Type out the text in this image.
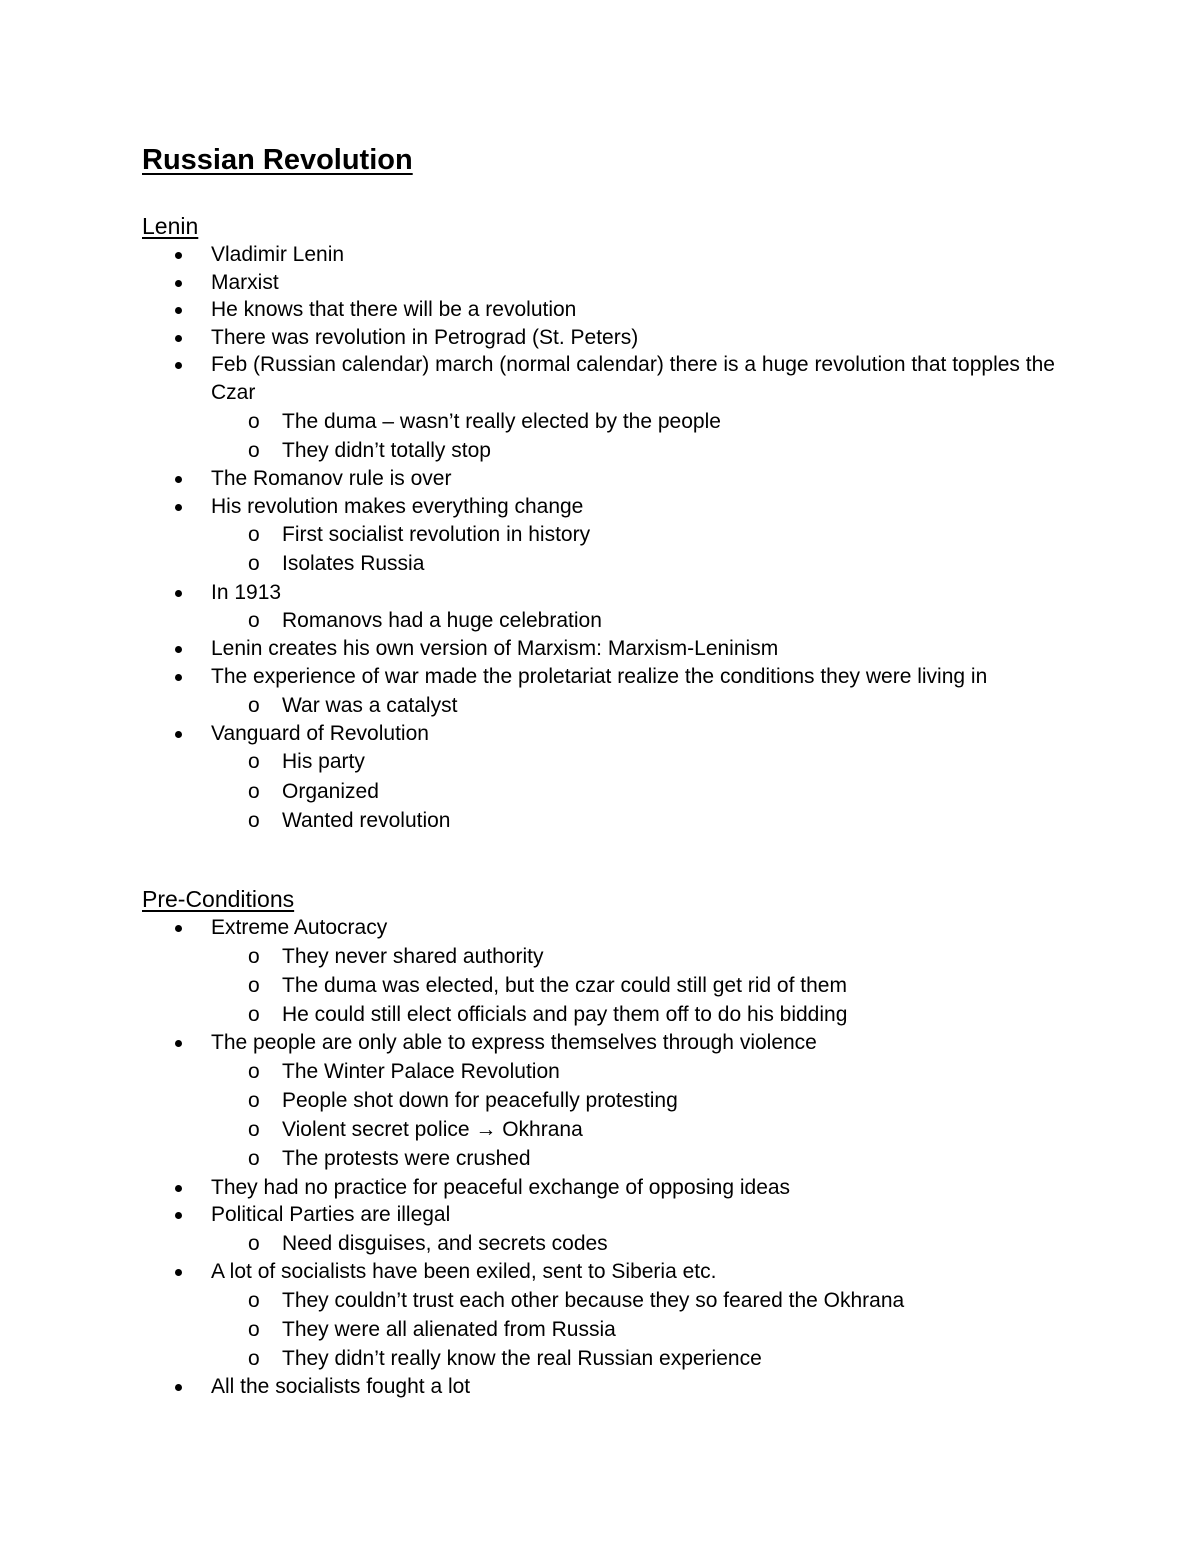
Russian Revolution
Lenin
Vladimir Lenin
Marxist
He knows that there will be a revolution
There was revolution in Petrograd (St. Peters)
Feb (Russian calendar) march (normal calendar) there is a huge revolution that topples the Czar
o The duma – wasn’t really elected by the people
o They didn’t totally stop
The Romanov rule is over
His revolution makes everything change
o First socialist revolution in history
o Isolates Russia
In 1913
o Romanovs had a huge celebration
Lenin creates his own version of Marxism: Marxism-Leninism
The experience of war made the proletariat realize the conditions they were living in
o War was a catalyst
Vanguard of Revolution
o His party
o Organized
o Wanted revolution
Pre-Conditions
Extreme Autocracy
o They never shared authority
o The duma was elected, but the czar could still get rid of them
o He could still elect officials and pay them off to do his bidding
The people are only able to express themselves through violence
o The Winter Palace Revolution
o People shot down for peacefully protesting
o Violent secret police → Okhrana
o The protests were crushed
They had no practice for peaceful exchange of opposing ideas
Political Parties are illegal
o Need disguises, and secrets codes
A lot of socialists have been exiled, sent to Siberia etc.
o They couldn’t trust each other because they so feared the Okhrana
o They were all alienated from Russia
o They didn’t really know the real Russian experience
All the socialists fought a lot
